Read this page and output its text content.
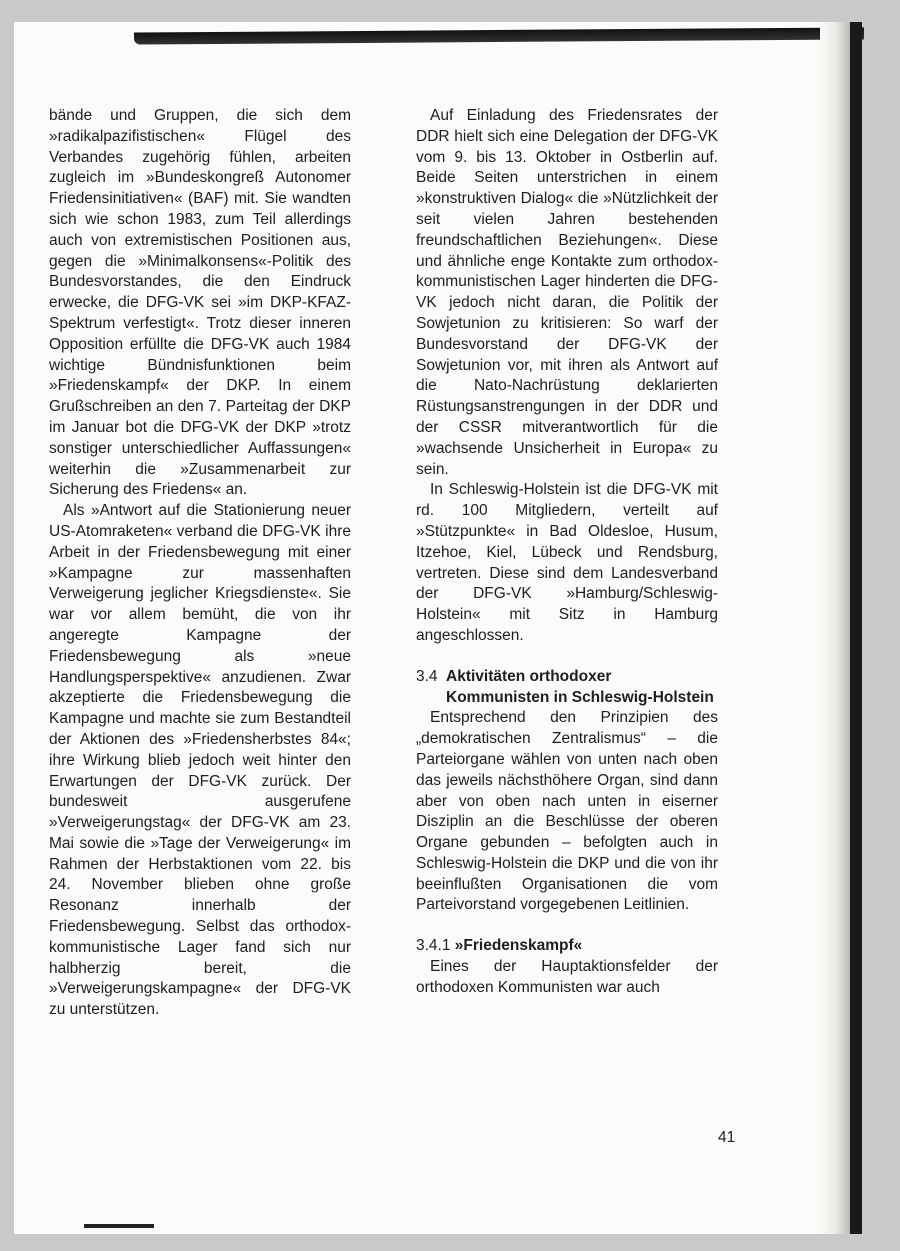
bände und Gruppen, die sich dem »radikalpazifistischen« Flügel des Verbandes zugehörig fühlen, arbeiten zugleich im »Bundeskongreß Autonomer Friedensinitiativen« (BAF) mit. Sie wandten sich wie schon 1983, zum Teil allerdings auch von extremistischen Positionen aus, gegen die »Minimalkonsens«-Politik des Bundesvorstandes, die den Eindruck erwecke, die DFG-VK sei »im DKP-KFAZ-Spektrum verfestigt«. Trotz dieser inneren Opposition erfüllte die DFG-VK auch 1984 wichtige Bündnisfunktionen beim »Friedenskampf« der DKP. In einem Grußschreiben an den 7. Parteitag der DKP im Januar bot die DFG-VK der DKP »trotz sonstiger unterschiedlicher Auffassungen« weiterhin die »Zusammenarbeit zur Sicherung des Friedens« an.

Als »Antwort auf die Stationierung neuer US-Atomraketen« verband die DFG-VK ihre Arbeit in der Friedensbewegung mit einer »Kampagne zur massenhaften Verweigerung jeglicher Kriegsdienste«. Sie war vor allem bemüht, die von ihr angeregte Kampagne der Friedensbewegung als »neue Handlungsperspektive« anzudienen. Zwar akzeptierte die Friedensbewegung die Kampagne und machte sie zum Bestandteil der Aktionen des »Friedensherbstes 84«; ihre Wirkung blieb jedoch weit hinter den Erwartungen der DFG-VK zurück. Der bundesweit ausgerufene »Verweigerungstag« der DFG-VK am 23. Mai sowie die »Tage der Verweigerung« im Rahmen der Herbstaktionen vom 22. bis 24. November blieben ohne große Resonanz innerhalb der Friedensbewegung. Selbst das orthodox-kommunistische Lager fand sich nur halbherzig bereit, die »Verweigerungskampagne« der DFG-VK zu unterstützen.

Auf Einladung des Friedensrates der DDR hielt sich eine Delegation der DFG-VK vom 9. bis 13. Oktober in Ostberlin auf. Beide Seiten unterstrichen in einem »konstruktiven Dialog« die »Nützlichkeit der seit vielen Jahren bestehenden freundschaftlichen Beziehungen«. Diese und ähnliche enge Kontakte zum orthodox-kommunistischen Lager hinderten die DFG-VK jedoch nicht daran, die Politik der Sowjetunion zu kritisieren: So warf der Bundesvorstand der DFG-VK der Sowjetunion vor, mit ihren als Antwort auf die Nato-Nachrüstung deklarierten Rüstungsanstrengungen in der DDR und der CSSR mitverantwortlich für die »wachsende Unsicherheit in Europa« zu sein.

In Schleswig-Holstein ist die DFG-VK mit rd. 100 Mitgliedern, verteilt auf »Stützpunkte« in Bad Oldesloe, Husum, Itzehoe, Kiel, Lübeck und Rendsburg, vertreten. Diese sind dem Landesverband der DFG-VK »Hamburg/Schleswig-Holstein« mit Sitz in Hamburg angeschlossen.

3.4 Aktivitäten orthodoxer Kommunisten in Schleswig-Holstein

Entsprechend den Prinzipien des „demokratischen Zentralismus“ – die Parteiorgane wählen von unten nach oben das jeweils nächsthöhere Organ, sind dann aber von oben nach unten in eiserner Disziplin an die Beschlüsse der oberen Organe gebunden – befolgten auch in Schleswig-Holstein die DKP und die von ihr beeinflußten Organisationen die vom Parteivorstand vorgegebenen Leitlinien.

3.4.1 »Friedenskampf«

Eines der Hauptaktionsfelder der orthodoxen Kommunisten war auch

41
